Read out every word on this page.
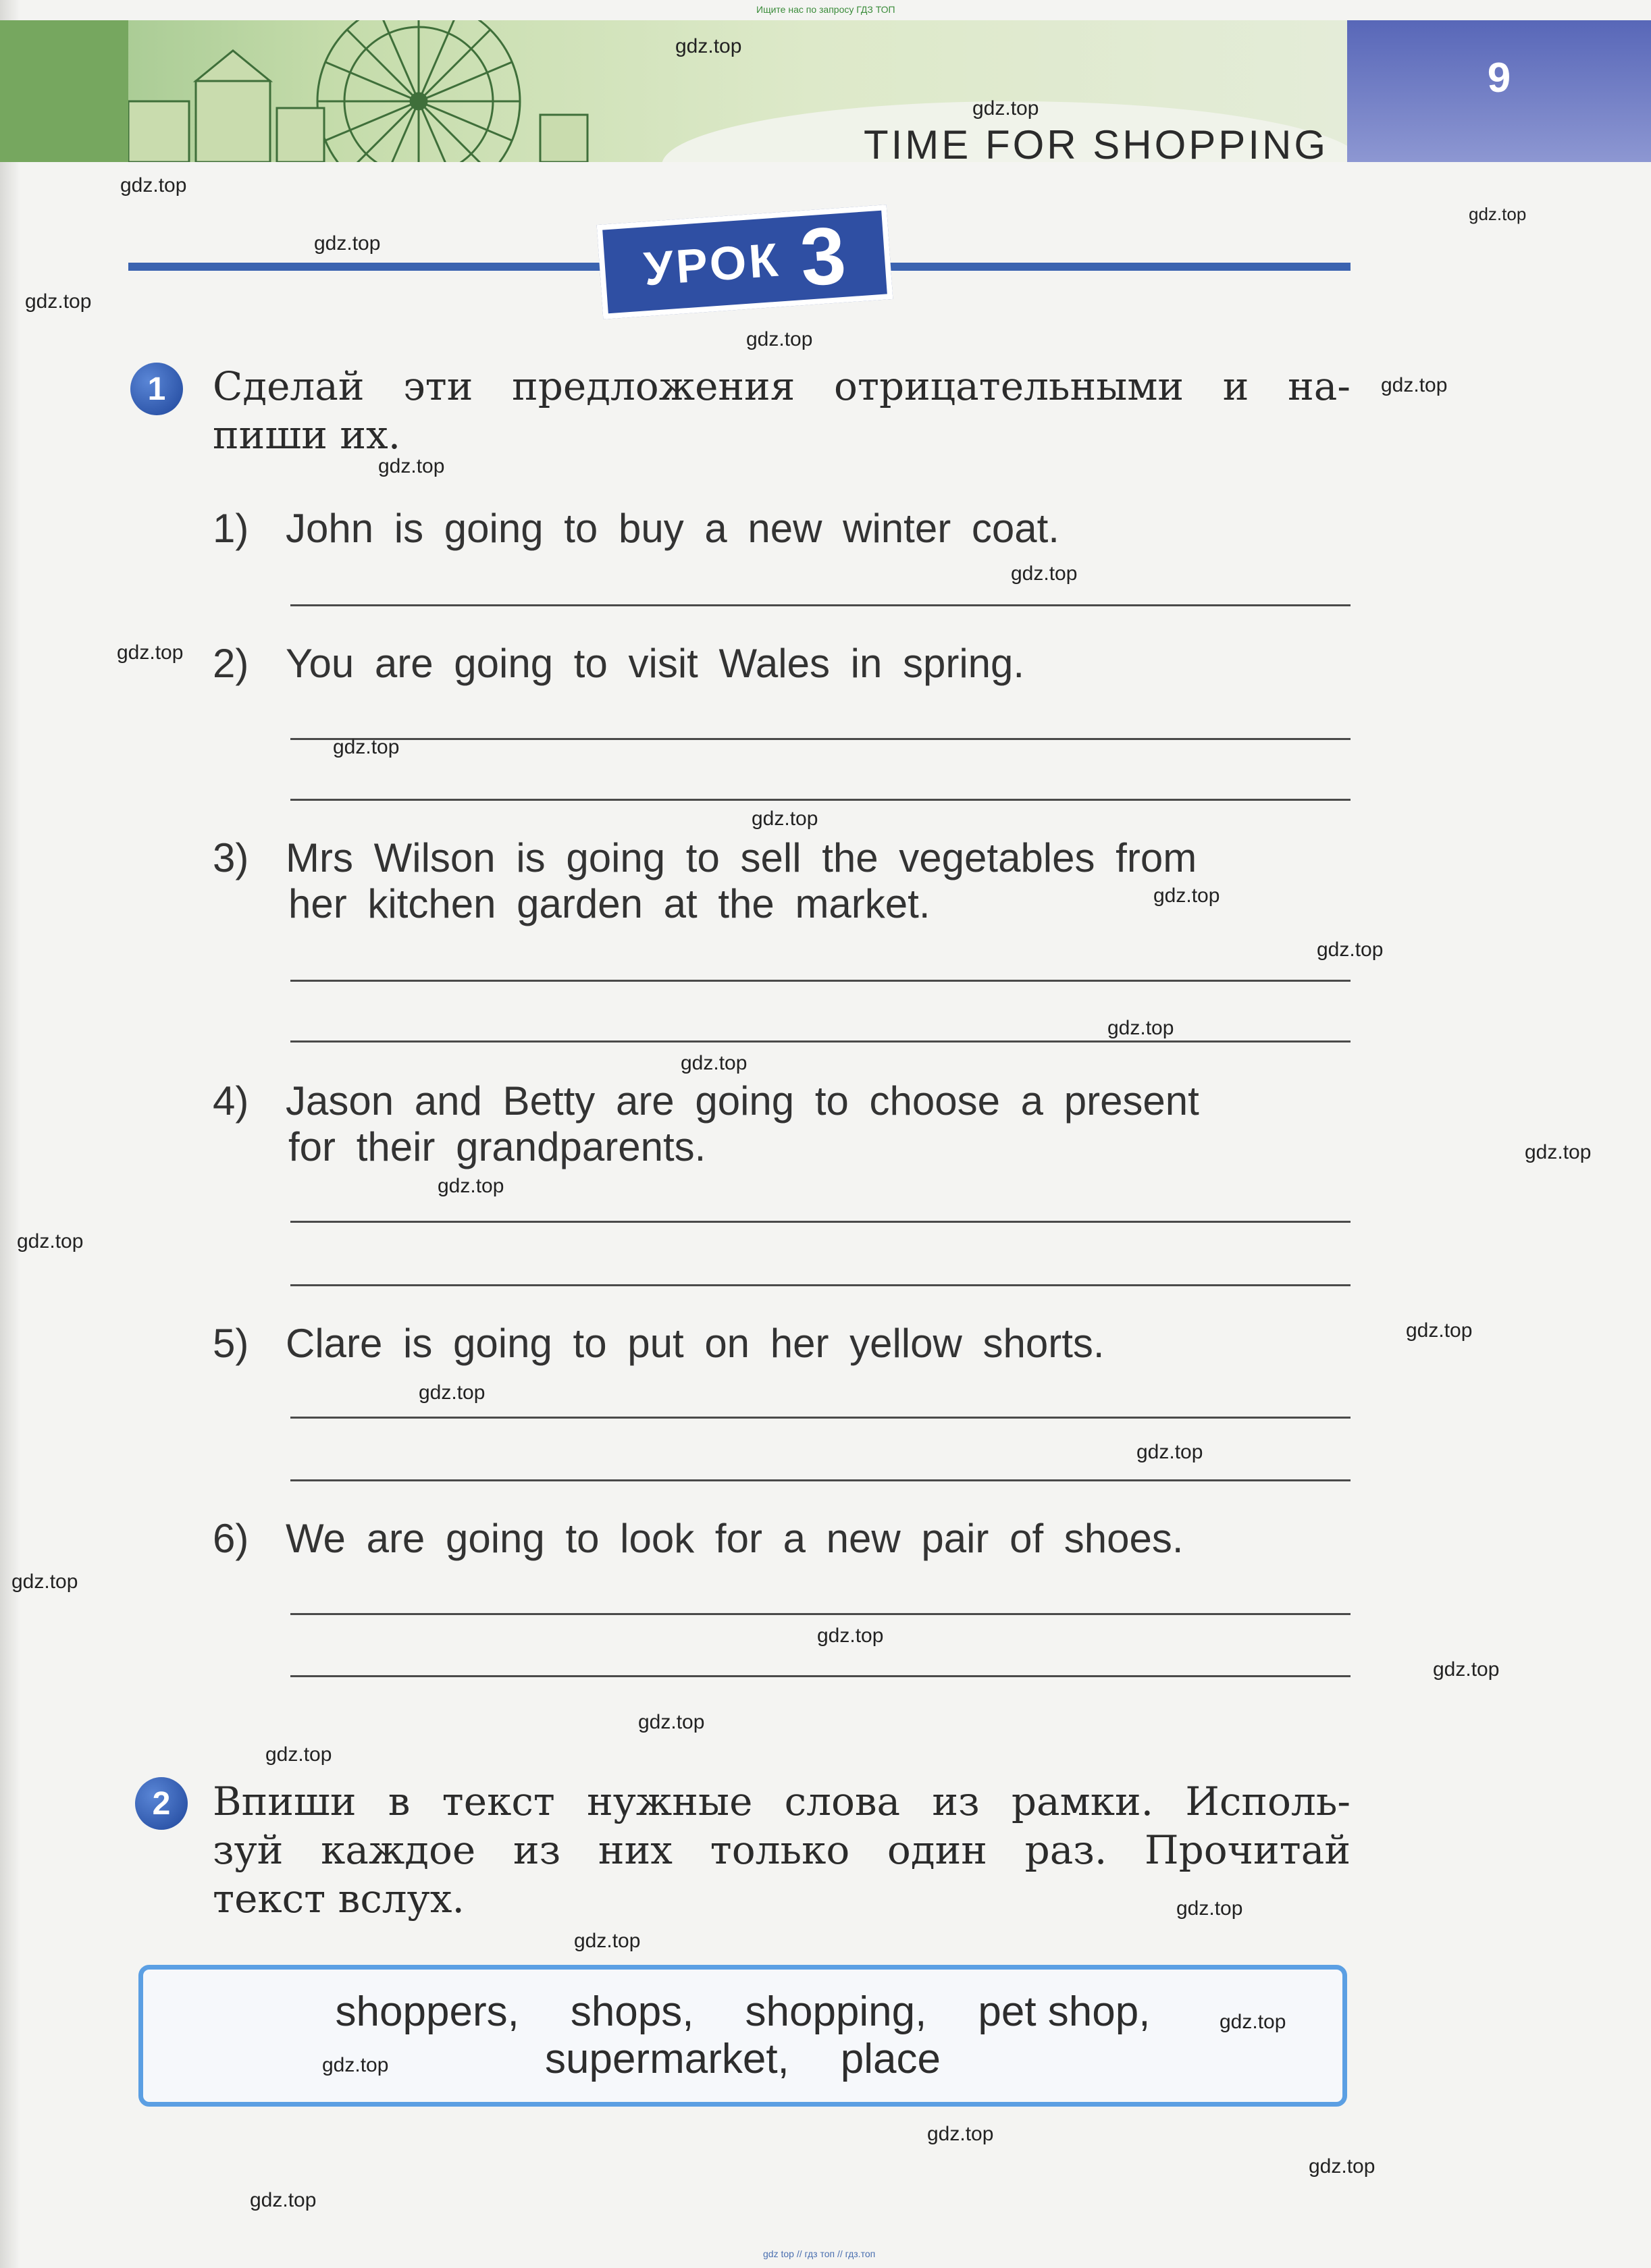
Ищите нас по запросу ГДЗ ТОП
TIME FOR SHOPPING
9
УРОК 3
1	Сделай эти предложения отрицательными и на-
пиши их.
1) John is going to buy a new winter coat.
2) You are going to visit Wales in spring.
3) Mrs Wilson is going to sell the vegetables from
her kitchen garden at the market.
4) Jason and Betty are going to choose a present
for their grandparents.
5) Clare is going to put on her yellow shorts.
6) We are going to look for a new pair of shoes.
2	Впиши в текст нужные слова из рамки. Исполь-
зуй каждое из них только один раз. Прочитай
текст вслух.
shoppers, shops, shopping, pet shop,
supermarket, place
gdz.top
gdz.top
gdz.top
gdz.top
gdz.top
gdz.top
gdz.top
gdz.top
gdz.top
gdz.top
gdz.top
gdz.top
gdz.top
gdz.top
gdz.top
gdz.top
gdz.top
gdz.top
gdz.top
gdz.top
gdz.top
gdz.top
gdz.top
gdz.top
gdz.top
gdz.top
gdz.top
gdz.top
gdz.top
gdz.top
gdz.top
gdz.top
gdz.top
gdz.top
gdz.top
gdz top // гдз топ // гдз.топ
